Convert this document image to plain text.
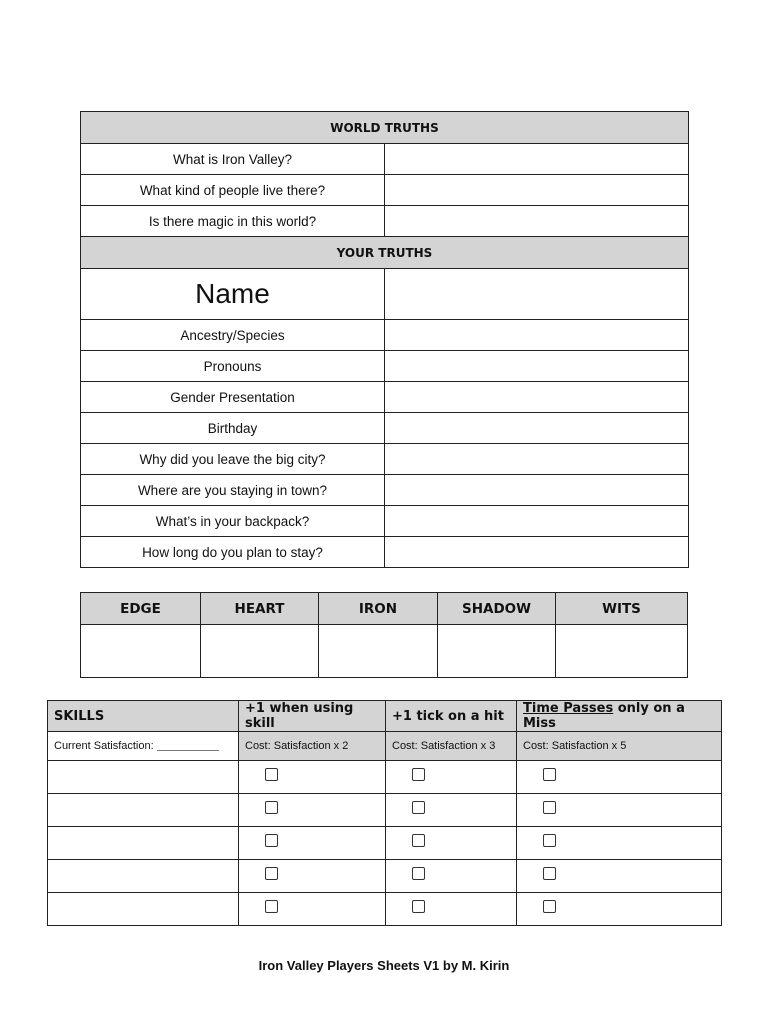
WORLD TRUTHS	
What is Iron Valley?	
What kind of people live there?	
Is there magic in this world?	
YOUR TRUTHS	
Name	
Ancestry/Species	
Pronouns	
Gender Presentation	
Birthday	
Why did you leave the big city?	
Where are you staying in town?	
What’s in your backpack?	
How long do you plan to stay?	
EDGE	HEART	IRON	SHADOW	WITS

SKILLS	+1 when using skill	+1 tick on a hit	Time Passes only on a Miss
Current Satisfaction:	Cost: Satisfaction x 2	Cost: Satisfaction x 3	Cost: Satisfaction x 5

Iron Valley Players Sheets V1 by M. Kirin
